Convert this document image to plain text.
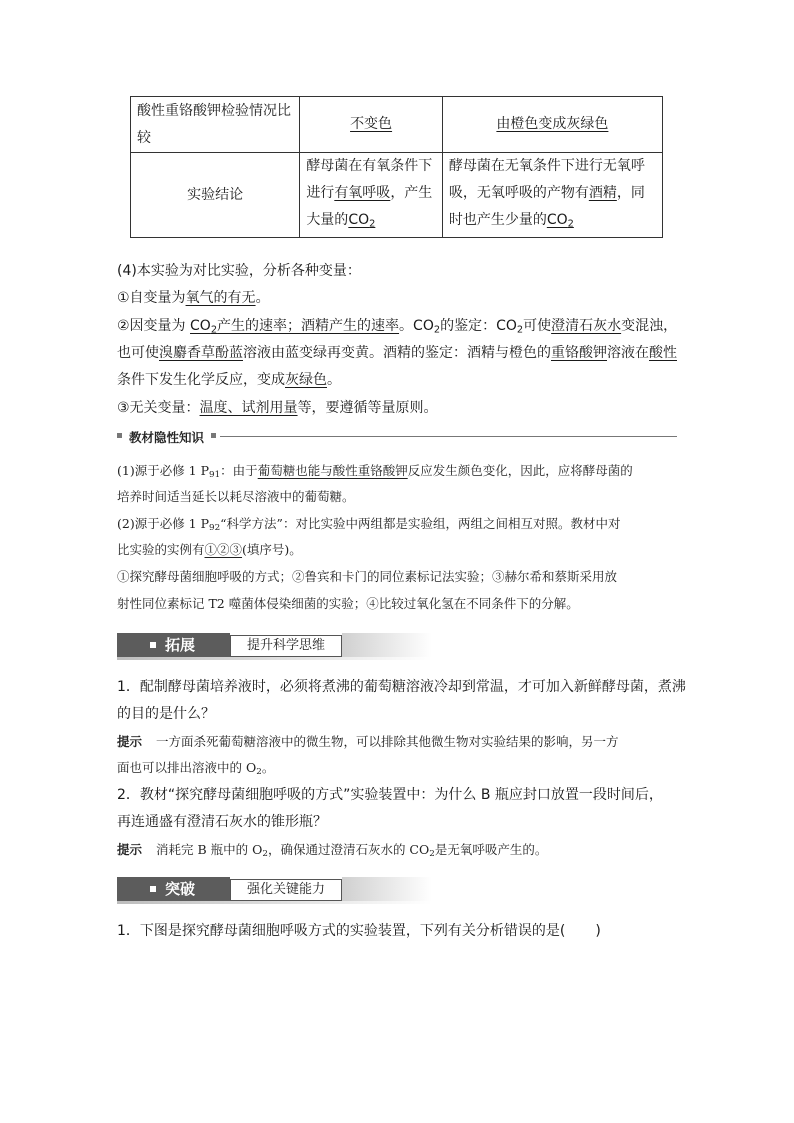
酸性重铬酸钾检验情况比较	不变色	由橙色变成灰绿色
实验结论	酵母菌在有氧条件下进行有氧呼吸，产生大量的$CO_2$	酵母菌在无氧条件下进行无氧呼吸，无氧呼吸的产物有酒精，同时也产生少量的$CO_2$
(4)本实验为对比实验，分析各种变量：
①自变量为氧气的有无。
②因变量为 $CO_2$产生的速率；酒精产生的速率。$CO_2$的鉴定：$CO_2$可使澄清石灰水变混浊，
也可使溴麝香草酚蓝溶液由蓝变绿再变黄。酒精的鉴定：酒精与橙色的重铬酸钾溶液在酸性
条件下发生化学反应，变成灰绿色。
③无关变量：温度、试剂用量等，要遵循等量原则。
教材隐性知识
(1)源于必修 1 $P_{91}$：由于葡萄糖也能与酸性重铬酸钾反应发生颜色变化，因此，应将酵母菌的
培养时间适当延长以耗尽溶液中的葡萄糖。
(2)源于必修 1 $P_{92}“$科学方法”：对比实验中两组都是实验组，两组之间相互对照。教材中对
比实验的实例有①②③(填序号)。
①探究酵母菌细胞呼吸的方式；②鲁宾和卡门的同位素标记法实验；③赫尔希和蔡斯采用放
射性同位素标记 T2 噬菌体侵染细菌的实验；④比较过氧化氢在不同条件下的分解。
拓展	提升科学思维
1．配制酵母菌培养液时，必须将煮沸的葡萄糖溶液冷却到常温，才可加入新鲜酵母菌，煮沸
的目的是什么？
提示 一方面杀死葡萄糖溶液中的微生物，可以排除其他微生物对实验结果的影响，另一方
面也可以排出溶液中的 $O_2$。
2．教材“探究酵母菌细胞呼吸的方式”实验装置中：为什么 B 瓶应封口放置一段时间后，
再连通盛有澄清石灰水的锥形瓶？
提示 消耗完 B 瓶中的 $O_2$，确保通过澄清石灰水的 $CO_2$是无氧呼吸产生的。
突破	强化关键能力
1．下图是探究酵母菌细胞呼吸方式的实验装置，下列有关分析错误的是( )
